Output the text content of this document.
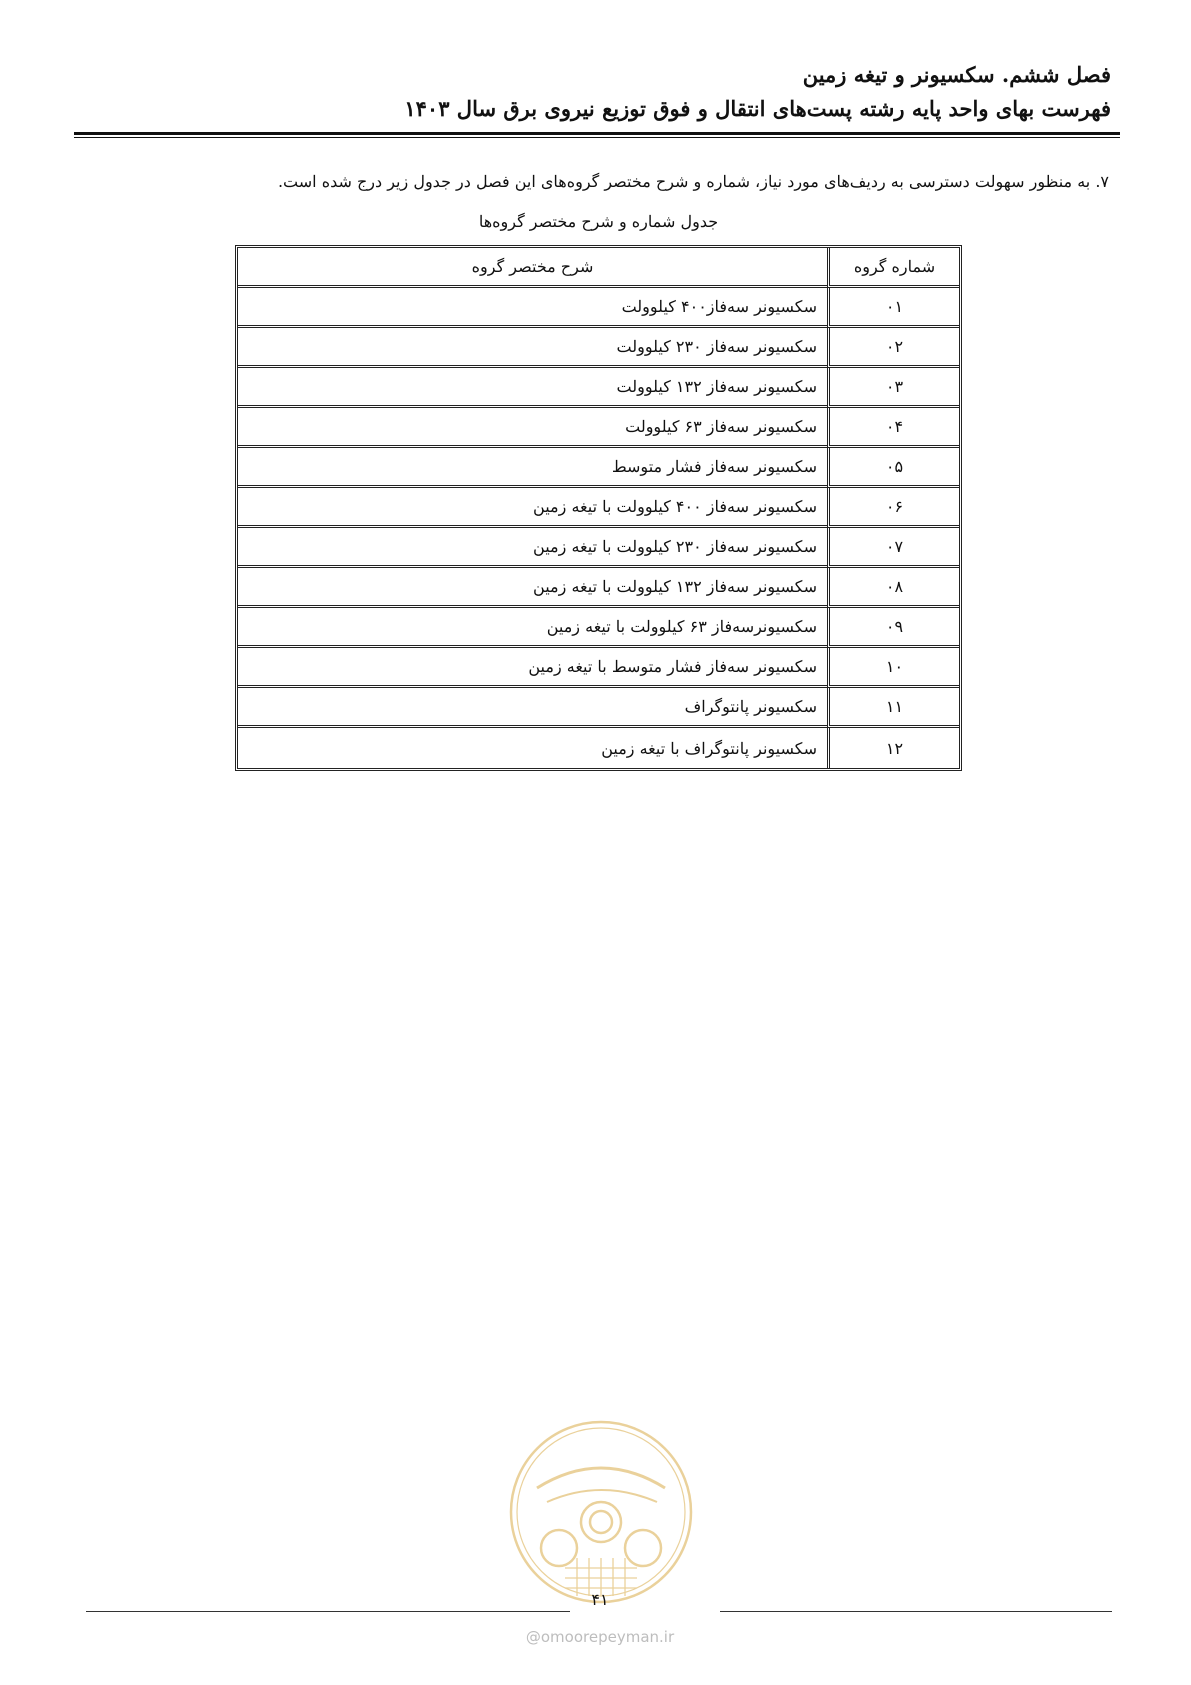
فصل ششم. سکسیونر و تیغه زمین
فهرست بهای واحد پایه رشته پست‌های انتقال و فوق توزیع نیروی برق سال ۱۴۰۳
۷. به منظور سهولت دسترسی به ردیف‌های مورد نیاز، شماره و شرح مختصر گروه‌های این فصل در جدول زیر درج شده است.
جدول شماره و شرح مختصر گروه‌ها
شماره گروه	شرح مختصر گروه
۰۱	سکسیونر سه‌فاز۴۰۰ کیلوولت
۰۲	سکسیونر سه‌فاز ۲۳۰ کیلوولت
۰۳	سکسیونر سه‌فاز ۱۳۲ کیلوولت
۰۴	سکسیونر سه‌فاز ۶۳ کیلوولت
۰۵	سکسیونر سه‌فاز فشار متوسط
۰۶	سکسیونر سه‌فاز ۴۰۰ کیلوولت با تیغه زمین
۰۷	سکسیونر سه‌فاز ۲۳۰ کیلوولت با تیغه زمین
۰۸	سکسیونر سه‌فاز ۱۳۲ کیلوولت با تیغه زمین
۰۹	سکسیونرسه‌فاز ۶۳ کیلوولت با تیغه زمین
۱۰	سکسیونر سه‌فاز فشار متوسط با تیغه زمین
۱۱	سکسیونر پانتوگراف
۱۲	سکسیونر پانتوگراف با تیغه زمین
۴۱
@omoorepeyman.ir
